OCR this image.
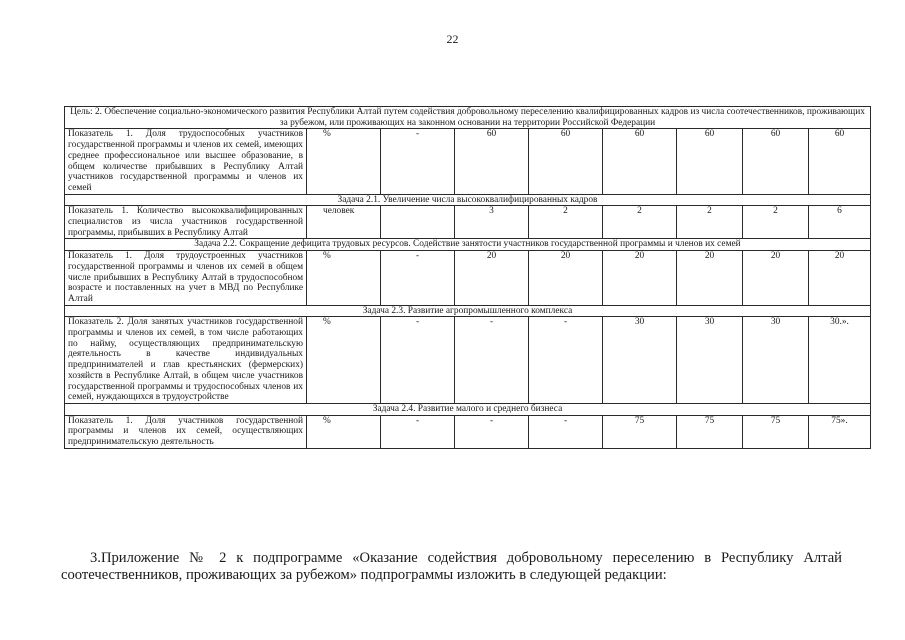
22
Цель: 2. Обеспечение социально-экономического развития Республики Алтай путем содействия добровольному переселению квалифицированных кадров из числа соотечественников, проживающих за рубежом, или проживающих на законном основании на территории Российской Федерации								
Показатель 1. Доля трудоспособных участников государственной программы и членов их семей, имеющих среднее профессиональное или высшее образование, в общем количестве прибывших в Республику Алтай участников государственной программы и членов их семей	%	-	60	60	60	60	60	60
Задача 2.1. Увеличение числа высококвалифицированных кадров								
Показатель 1. Количество высококвалифицированных специалистов из числа участников государственной программы, прибывших в Республику Алтай	человек		3	2	2	2	2	6
Задача 2.2. Сокращение дефицита трудовых ресурсов. Содействие занятости участников государственной программы и членов их семей								
Показатель 1. Доля трудоустроенных участников государственной программы и членов их семей в общем числе прибывших в Республику Алтай в трудоспособном возрасте и поставленных на учет в МВД по Республике Алтай	%	-	20	20	20	20	20	20
Задача 2.3. Развитие агропромышленного комплекса								
Показатель 2. Доля занятых участников государственной программы и членов их семей, в том числе работающих по найму, осуществляющих предпринимательскую деятельность в качестве индивидуальных предпринимателей и глав крестьянских (фермерских) хозяйств в Республике Алтай, в общем числе участников государственной программы и трудоспособных членов их семей, нуждающихся в трудоустройстве	%	-	-	-	30	30	30	30.».
Задача 2.4. Развитие малого и среднего бизнеса								
Показатель 1. Доля участников государственной программы и членов их семей, осуществляющих предпринимательскую деятельность	%	-	-	-	75	75	75	75».
3.Приложение № 2 к подпрограмме «Оказание содействия добровольному переселению в Республику Алтай
соотечественников, проживающих за рубежом» подпрограммы изложить в следующей редакции:
